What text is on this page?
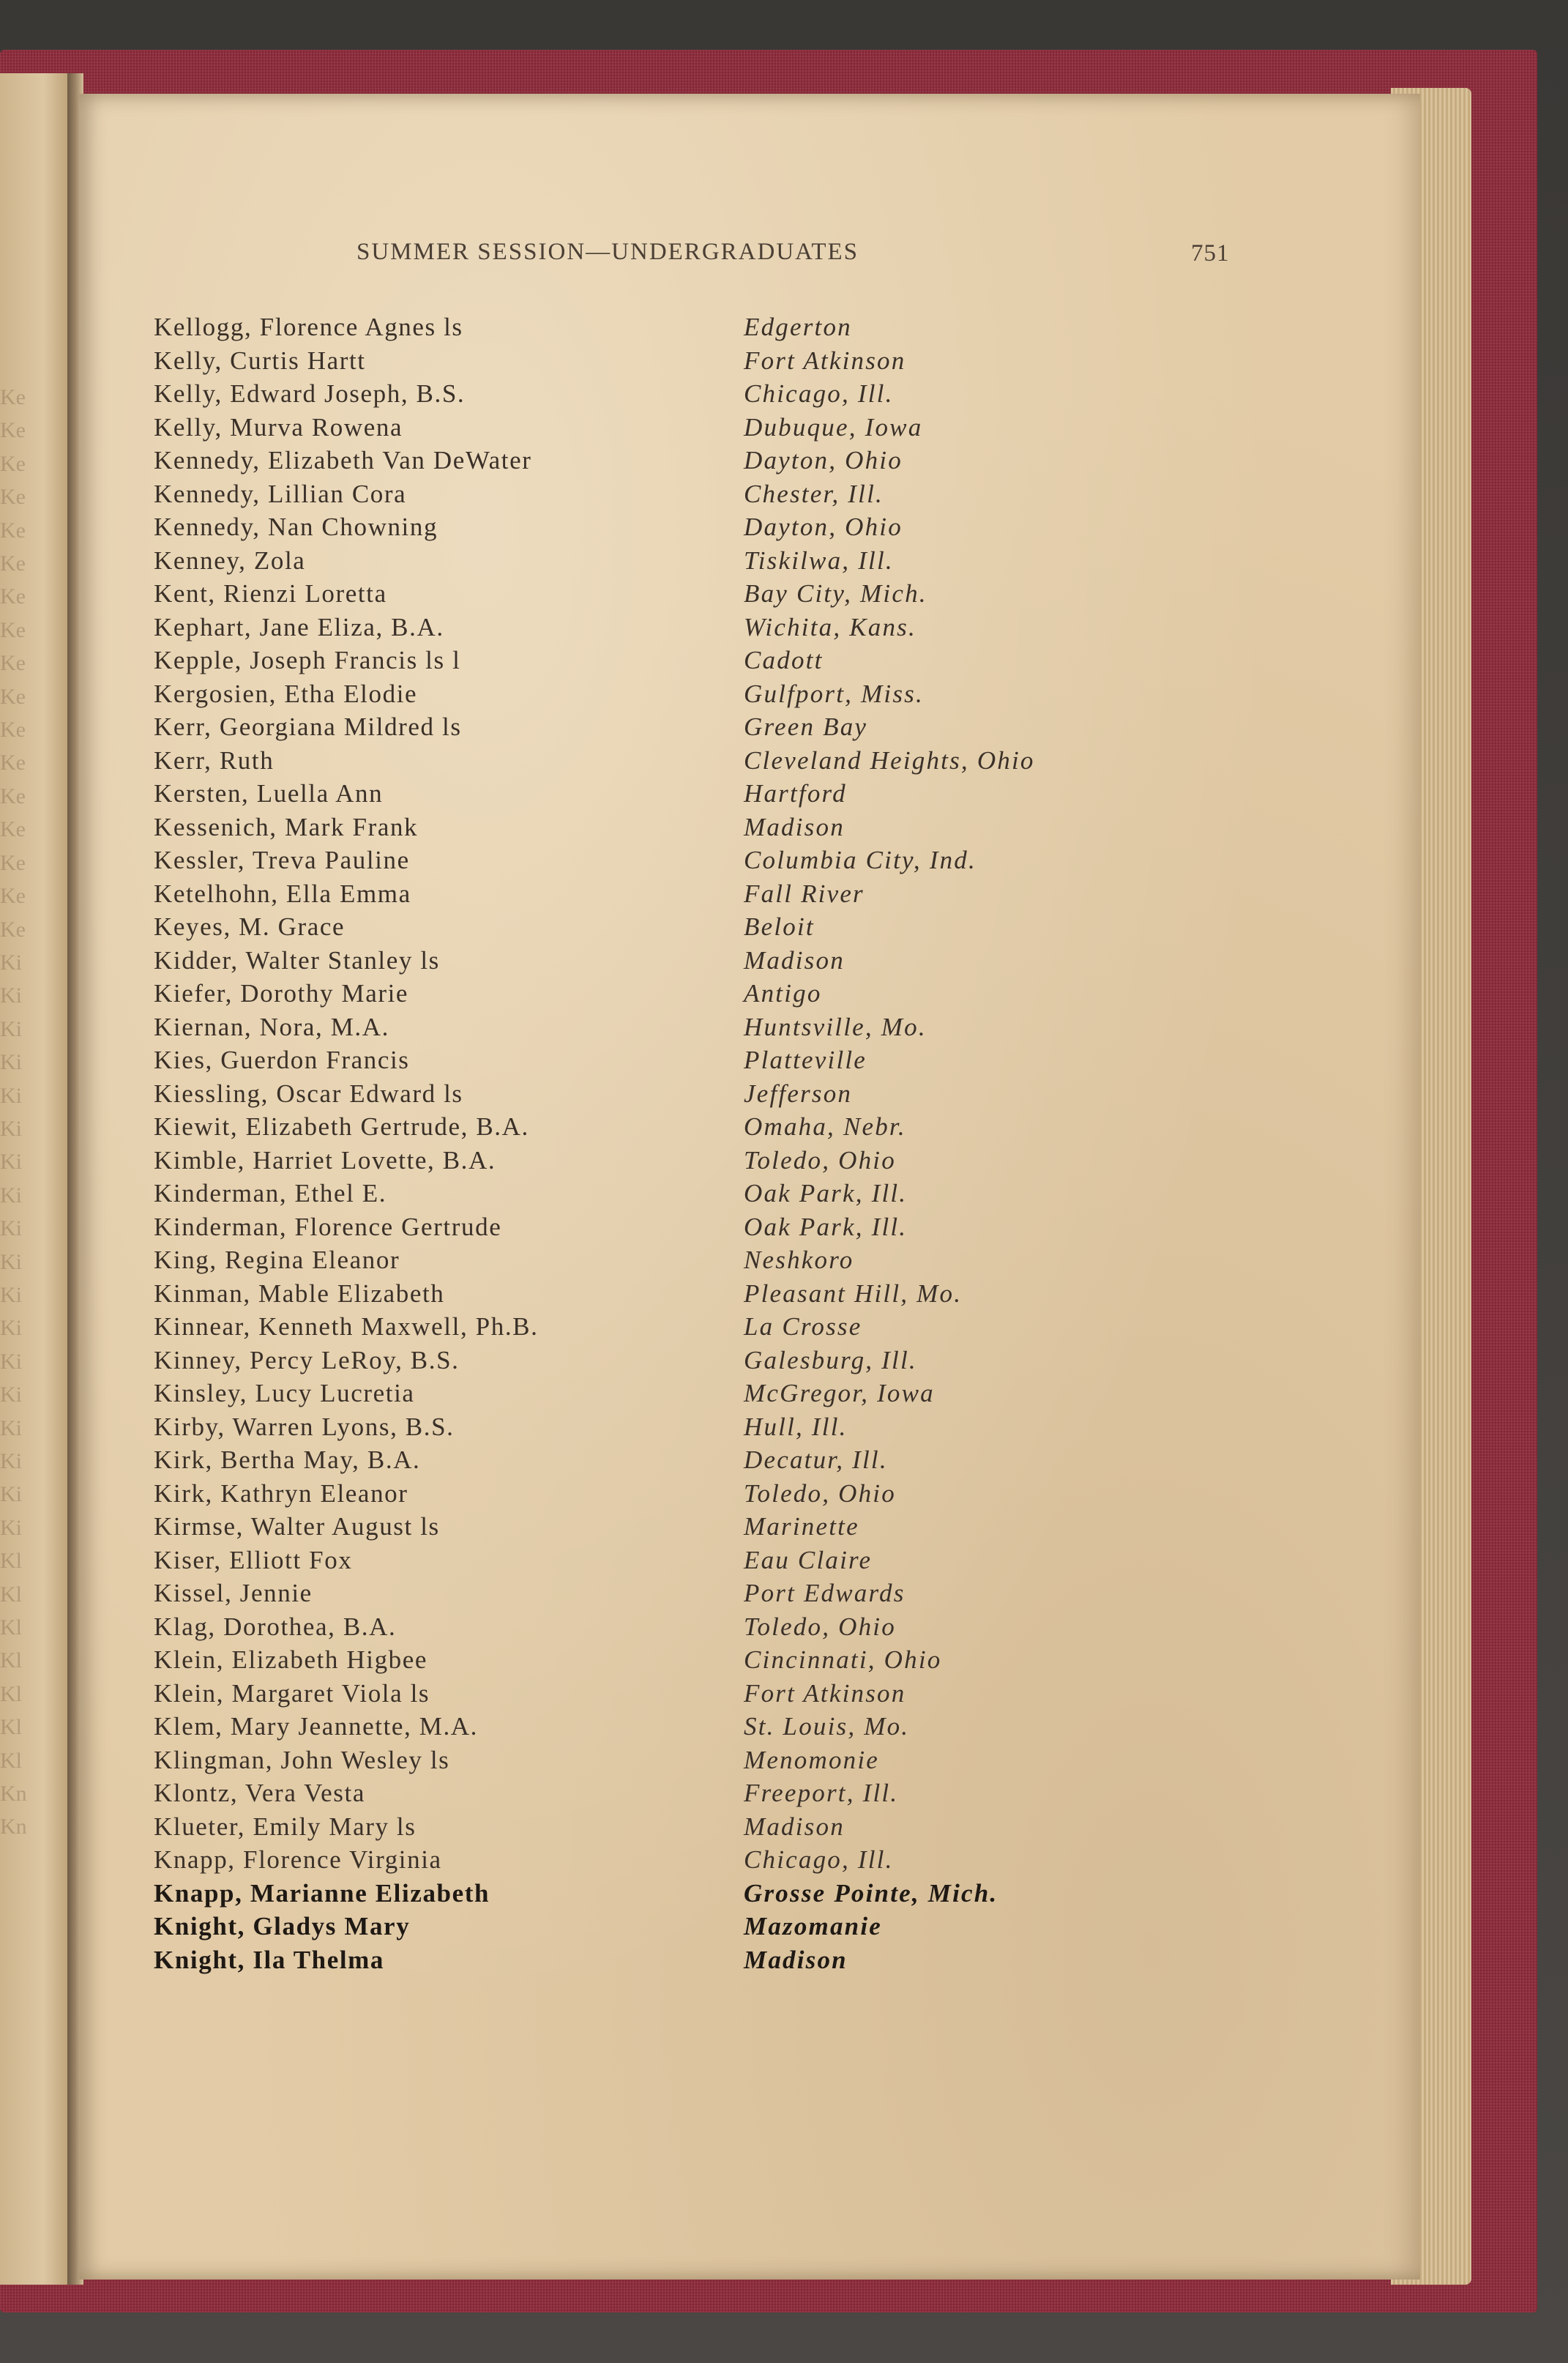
Ke
Ke
Ke
Ke
Ke
Ke
Ke
Ke
Ke
Ke
Ke
Ke
Ke
Ke
Ke
Ke
Ke
Ki
Ki
Ki
Ki
Ki
Ki
Ki
Ki
Ki
Ki
Ki
Ki
Ki
Ki
Ki
Ki
Ki
Ki
Kl
Kl
Kl
Kl
Kl
Kl
Kl
Kn
Kn
SUMMER SESSION—UNDERGRADUATES	751
Kellogg, Florence Agnes ls	Edgerton
Kelly, Curtis Hartt	Fort Atkinson
Kelly, Edward Joseph, B.S.	Chicago, Ill.
Kelly, Murva Rowena	Dubuque, Iowa
Kennedy, Elizabeth Van DeWater	Dayton, Ohio
Kennedy, Lillian Cora	Chester, Ill.
Kennedy, Nan Chowning	Dayton, Ohio
Kenney, Zola	Tiskilwa, Ill.
Kent, Rienzi Loretta	Bay City, Mich.
Kephart, Jane Eliza, B.A.	Wichita, Kans.
Kepple, Joseph Francis ls l	Cadott
Kergosien, Etha Elodie	Gulfport, Miss.
Kerr, Georgiana Mildred ls	Green Bay
Kerr, Ruth	Cleveland Heights, Ohio
Kersten, Luella Ann	Hartford
Kessenich, Mark Frank	Madison
Kessler, Treva Pauline	Columbia City, Ind.
Ketelhohn, Ella Emma	Fall River
Keyes, M. Grace	Beloit
Kidder, Walter Stanley ls	Madison
Kiefer, Dorothy Marie	Antigo
Kiernan, Nora, M.A.	Huntsville, Mo.
Kies, Guerdon Francis	Platteville
Kiessling, Oscar Edward ls	Jefferson
Kiewit, Elizabeth Gertrude, B.A.	Omaha, Nebr.
Kimble, Harriet Lovette, B.A.	Toledo, Ohio
Kinderman, Ethel E.	Oak Park, Ill.
Kinderman, Florence Gertrude	Oak Park, Ill.
King, Regina Eleanor	Neshkoro
Kinman, Mable Elizabeth	Pleasant Hill, Mo.
Kinnear, Kenneth Maxwell, Ph.B.	La Crosse
Kinney, Percy LeRoy, B.S.	Galesburg, Ill.
Kinsley, Lucy Lucretia	McGregor, Iowa
Kirby, Warren Lyons, B.S.	Hull, Ill.
Kirk, Bertha May, B.A.	Decatur, Ill.
Kirk, Kathryn Eleanor	Toledo, Ohio
Kirmse, Walter August ls	Marinette
Kiser, Elliott Fox	Eau Claire
Kissel, Jennie	Port Edwards
Klag, Dorothea, B.A.	Toledo, Ohio
Klein, Elizabeth Higbee	Cincinnati, Ohio
Klein, Margaret Viola ls	Fort Atkinson
Klem, Mary Jeannette, M.A.	St. Louis, Mo.
Klingman, John Wesley ls	Menomonie
Klontz, Vera Vesta	Freeport, Ill.
Klueter, Emily Mary ls	Madison
Knapp, Florence Virginia	Chicago, Ill.
Knapp, Marianne Elizabeth	Grosse Pointe, Mich.
Knight, Gladys Mary	Mazomanie
Knight, Ila Thelma	Madison
